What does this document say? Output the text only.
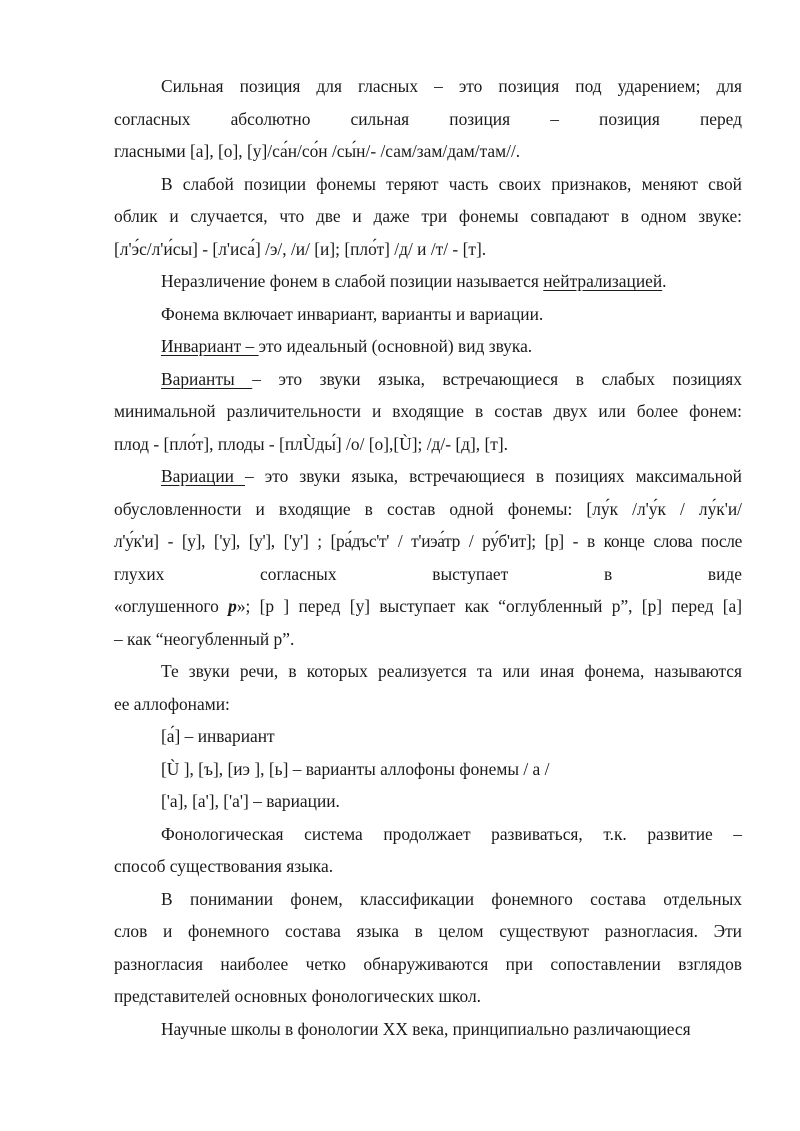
Сильная позиция для гласных – это позиция под ударением; для

согласных абсолютно сильная позиция – позиция перед

гласными [а], [о], [у]/са́н/со́н /сы́н/- /сам/зам/дам/там//.

В слабой позиции фонемы теряют часть своих признаков, меняют свой

облик и случается, что две и даже три фонемы совпадают в одном звуке:

[л'э́с/л'и́сы] - [л'иса́] /э/, /и/ [и]; [пло́т] /д/ и /т/ - [т].

Неразличение фонем в слабой позиции называется нейтрализацией.

Фонема включает инвариант, варианты и вариации.

Инвариант – это идеальный (основной) вид звука.

Варианты – это звуки языка, встречающиеся в слабых позициях

минимальной различительности и входящие в состав двух или более фонем:

плод - [пло́т], плоды - [плÙды́] /о/ [о],[Ù]; /д/- [д], [т].

Вариации – это звуки языка, встречающиеся в позициях максимальной

обусловленности и входящие в состав одной фонемы: [лу́к /л'у́к / лу́к'и/

л'у́к'и] - [у], ['у], [у'], ['у'] ; [ра́дъс'т' / т'иэа́тр / ру́б'ит]; [р] - в конце слова после

глухих согласных выступает в виде

«оглушенного р»; [р ] перед [у] выступает как “оглубленный р”, [р] перед [а]

– как “неогубленный р”.

Те звуки речи, в которых реализуется та или иная фонема, называются

ее аллофонами:

[а́] – инвариант

[Ù ], [ъ], [иэ ], [ь] – варианты аллофоны фонемы / а /

['а], [а'], ['а'] – вариации.

Фонологическая система продолжает развиваться, т.к. развитие –

способ существования языка.

В понимании фонем, классификации фонемного состава отдельных

слов и фонемного состава языка в целом существуют разногласия. Эти

разногласия наиболее четко обнаруживаются при сопоставлении взглядов

представителей основных фонологических школ.

Научные школы в фонологии XX века, принципиально различающиеся
